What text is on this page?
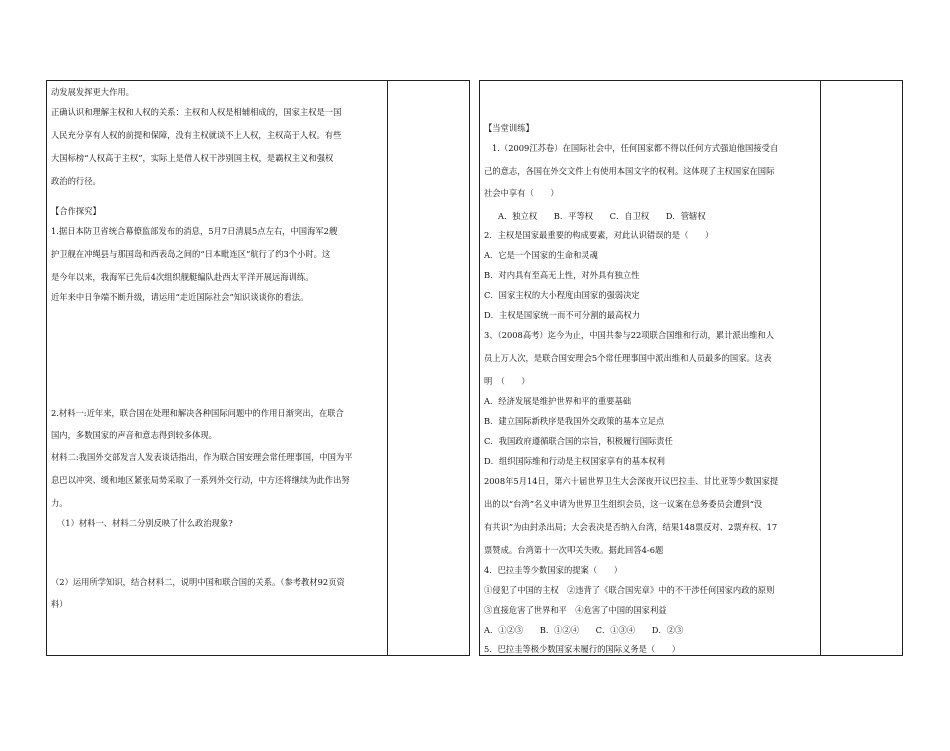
动发展发挥更大作用。
正确认识和理解主权和人权的关系：主权和人权是相辅相成的，国家主权是一国
人民充分享有人权的前提和保障，没有主权就谈不上人权，主权高于人权。有些
大国标榜“人权高于主权”，实际上是借人权干涉别国主权，是霸权主义和强权
政治的行径。
【合作探究】
1.据日本防卫省统合幕僚监部发布的消息，5月7日清晨5点左右，中国海军2艘
护卫舰在冲绳县与那国岛和西表岛之间的“日本毗连区”航行了约3个小时。这
是今年以来，我海军已先后4次组织舰艇编队赴西太平洋开展远海训练。
近年来中日争端不断升级，请运用“走近国际社会”知识谈谈你的看法。
2.材料一:近年来，联合国在处理和解决各种国际问题中的作用日渐突出，在联合
国内，多数国家的声音和意志得到较多体现。
材料二:我国外交部发言人发表谈话指出，作为联合国安理会常任理事国，中国为平
息巴以冲突、缓和地区紧张局势采取了一系列外交行动，中方还将继续为此作出努
力。
（1）材料一、材料二分别反映了什么政治现象?
（2）运用所学知识，结合材料二，说明中国和联合国的关系。（参考教材92页资
料）
【当堂训练】
1.（2009江苏卷）在国际社会中，任何国家都不得以任何方式强迫他国接受自
己的意志，各国在外交文件上有使用本国文字的权利。这体现了主权国家在国际
社会中享有（　　）
A．独立权　　B．平等权　　C．自卫权　　D．管辖权
2．主权是国家最重要的构成要素，对此认识错误的是（　　）
A．它是一个国家的生命和灵魂
B．对内具有至高无上性，对外具有独立性
C．国家主权的大小程度由国家的强弱决定
D．主权是国家统一而不可分割的最高权力
3、（2008高考）迄今为止，中国共参与22项联合国维和行动，累计派出维和人
员上万人次，是联合国安理会5个常任理事国中派出维和人员最多的国家。这表
明　（　　）
A．经济发展是维护世界和平的重要基础
B．建立国际新秩序是我国外交政策的基本立足点
C．我国政府遵循联合国的宗旨，积极履行国际责任
D．组织国际维和行动是主权国家享有的基本权利
2008年5月14日，第六十届世界卫生大会深夜开议巴拉圭、甘比亚等少数国家提
出的以“台湾”名义申请为世界卫生组织会员，这一议案在总务委员会遭到“没
有共识”为由封杀出局；大会表决是否纳入台湾，结果148票反对、2票弃权、17
票赞成。台湾第十一次叩关失败。据此回答4-6题
4．巴拉圭等少数国家的提案（　　）
①侵犯了中国的主权　②违背了《联合国宪章》中的不干涉任何国家内政的原则
③直接危害了世界和平　④危害了中国的国家利益
A．①②③　　B．①②④　　C．①③④　　D．②③
5．巴拉圭等极少数国家未履行的国际义务是（　　）
